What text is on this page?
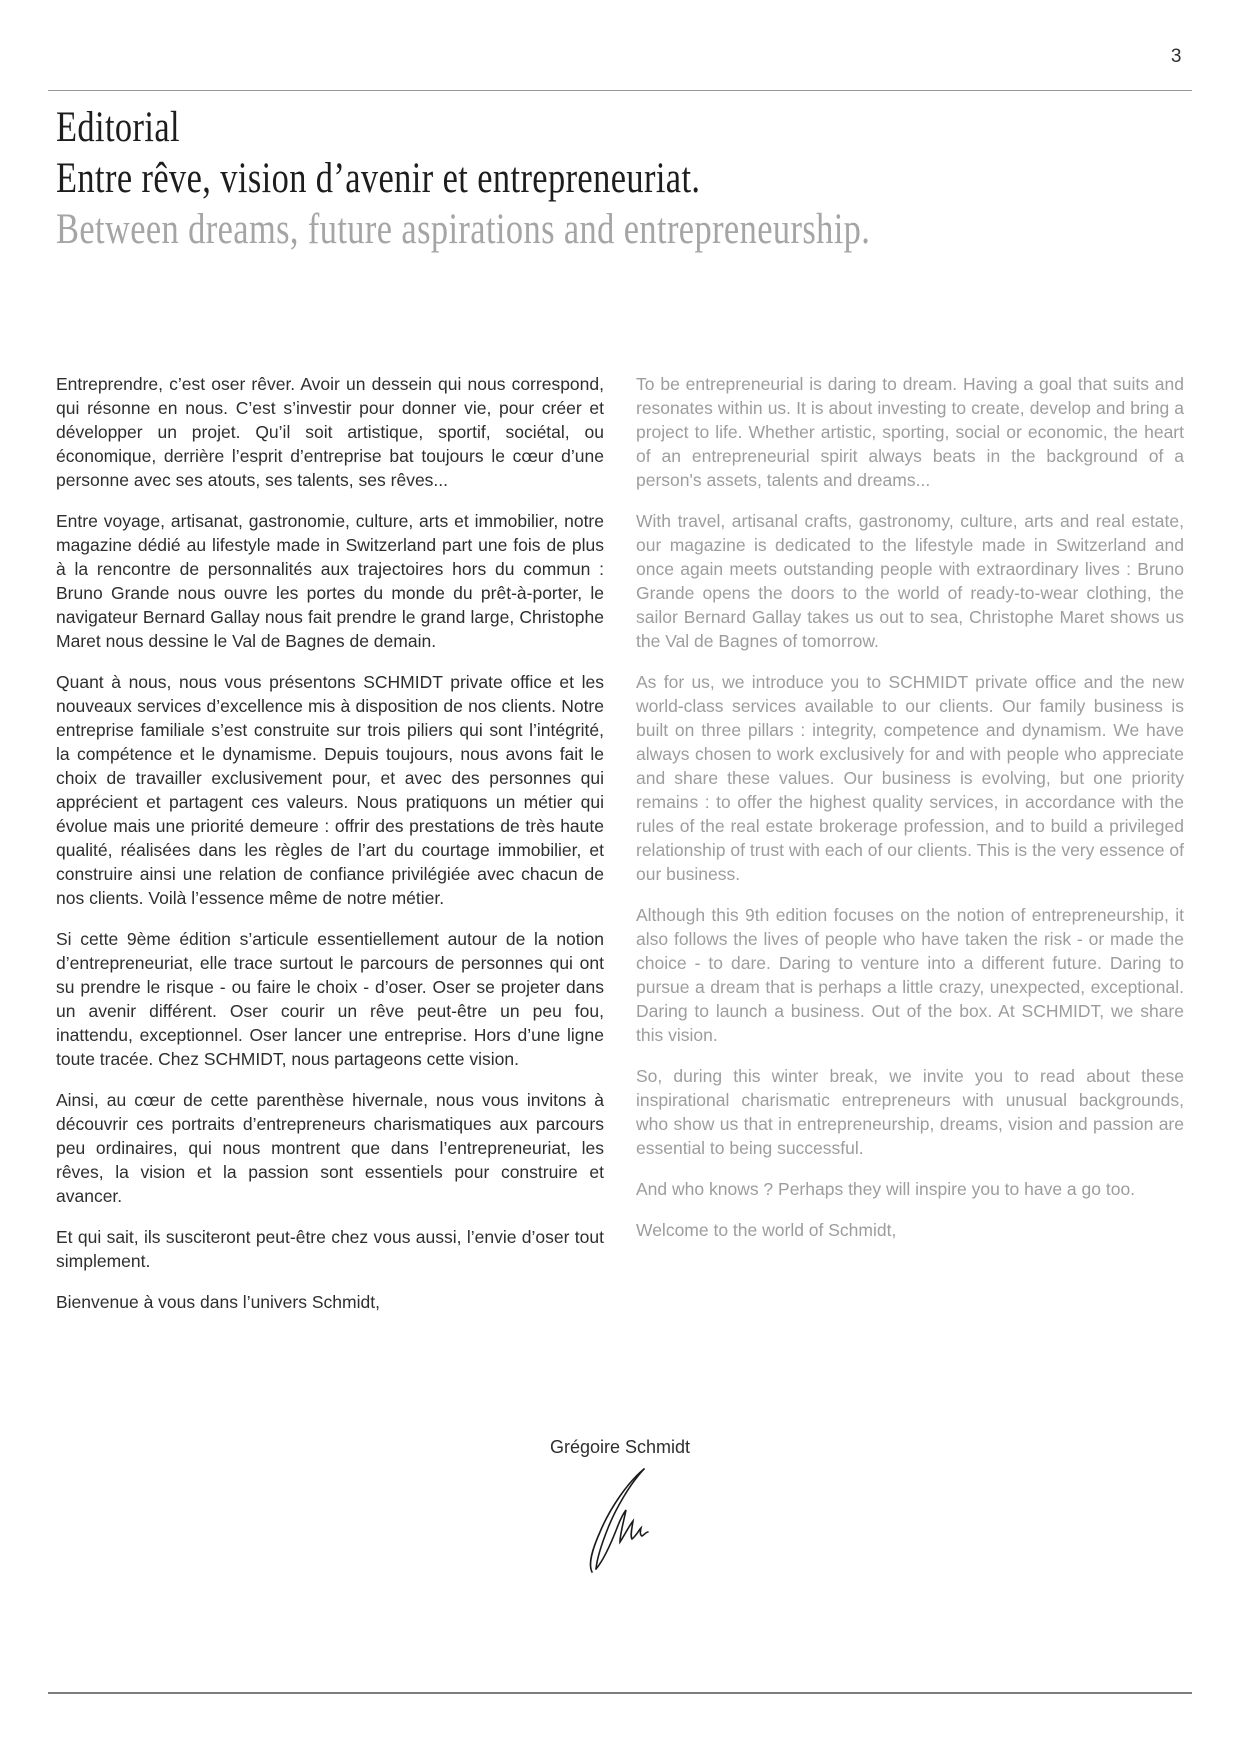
3
Editorial
Entre rêve, vision d’avenir et entrepreneuriat.
Between dreams, future aspirations and entrepreneurship.

Entreprendre, c’est oser rêver. Avoir un dessein qui nous correspond, qui résonne en nous. C’est s’investir pour donner vie, pour créer et développer un projet. Qu’il soit artistique, sportif, sociétal, ou économique, derrière l’esprit d’entreprise bat toujours le cœur d’une personne avec ses atouts, ses talents, ses rêves...

Entre voyage, artisanat, gastronomie, culture, arts et immobilier, notre magazine dédié au lifestyle made in Switzerland part une fois de plus à la rencontre de personnalités aux trajectoires hors du commun : Bruno Grande nous ouvre les portes du monde du prêt-à-porter, le navigateur Bernard Gallay nous fait prendre le grand large, Christophe Maret nous dessine le Val de Bagnes de demain.

Quant à nous, nous vous présentons SCHMIDT private office et les nouveaux services d’excellence mis à disposition de nos clients. Notre entreprise familiale s’est construite sur trois piliers qui sont l’intégrité, la compétence et le dynamisme. Depuis toujours, nous avons fait le choix de travailler exclusivement pour, et avec des personnes qui apprécient et partagent ces valeurs. Nous pratiquons un métier qui évolue mais une priorité demeure : offrir des prestations de très haute qualité, réalisées dans les règles de l’art du courtage immobilier, et construire ainsi une relation de confiance privilégiée avec chacun de nos clients. Voilà l’essence même de notre métier.

Si cette 9ème édition s’articule essentiellement autour de la notion d’entrepreneuriat, elle trace surtout le parcours de personnes qui ont su prendre le risque - ou faire le choix - d’oser. Oser se projeter dans un avenir différent. Oser courir un rêve peut-être un peu fou, inattendu, exceptionnel. Oser lancer une entreprise. Hors d’une ligne toute tracée. Chez SCHMIDT, nous partageons cette vision.

Ainsi, au cœur de cette parenthèse hivernale, nous vous invitons à découvrir ces portraits d’entrepreneurs charismatiques aux parcours peu ordinaires, qui nous montrent que dans l’entrepreneuriat, les rêves, la vision et la passion sont essentiels pour construire et avancer.

Et qui sait, ils susciteront peut-être chez vous aussi, l’envie d’oser tout simplement.

Bienvenue à vous dans l’univers Schmidt,

To be entrepreneurial is daring to dream. Having a goal that suits and resonates within us. It is about investing to create, develop and bring a project to life. Whether artistic, sporting, social or economic, the heart of an entrepreneurial spirit always beats in the background of a person's assets, talents and dreams...

With travel, artisanal crafts, gastronomy, culture, arts and real estate, our magazine is dedicated to the lifestyle made in Switzerland and once again meets outstanding people with extraordinary lives : Bruno Grande opens the doors to the world of ready-to-wear clothing, the sailor Bernard Gallay takes us out to sea, Christophe Maret shows us the Val de Bagnes of tomorrow.

As for us, we introduce you to SCHMIDT private office and the new world-class services available to our clients. Our family business is built on three pillars : integrity, competence and dynamism. We have always chosen to work exclusively for and with people who appreciate and share these values. Our business is evolving, but one priority remains : to offer the highest quality services, in accordance with the rules of the real estate brokerage profession, and to build a privileged relationship of trust with each of our clients. This is the very essence of our business.

Although this 9th edition focuses on the notion of entrepreneurship, it also follows the lives of people who have taken the risk - or made the choice - to dare. Daring to venture into a different future. Daring to pursue a dream that is perhaps a little crazy, unexpected, exceptional. Daring to launch a business. Out of the box. At SCHMIDT, we share this vision.

So, during this winter break, we invite you to read about these inspirational charismatic entrepreneurs with unusual backgrounds, who show us that in entrepreneurship, dreams, vision and passion are essential to being successful.

And who knows ? Perhaps they will inspire you to have a go too.

Welcome to the world of Schmidt,

Grégoire Schmidt
